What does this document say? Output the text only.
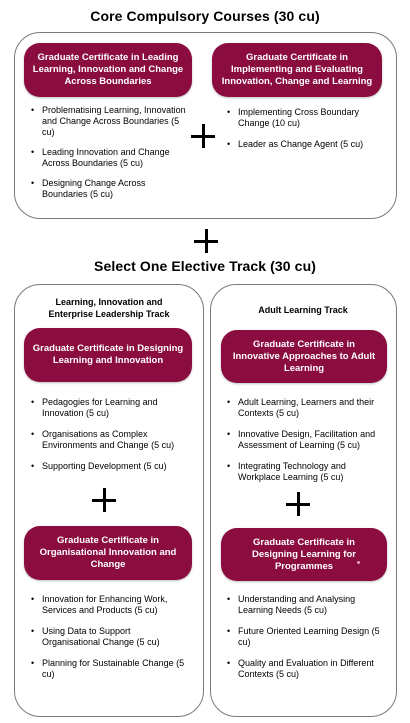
Core Compulsory Courses (30 cu)
Graduate Certificate in Leading Learning, Innovation and Change Across Boundaries
Graduate Certificate in Implementing and Evaluating Innovation, Change and Learning
• Problematising Learning, Innovation and Change Across Boundaries (5 cu)
• Leading Innovation and Change Across Boundaries (5 cu)
• Designing Change Across Boundaries (5 cu)
• Implementing Cross Boundary Change (10 cu)
• Leader as Change Agent (5 cu)
Select One Elective Track (30 cu)
Learning, Innovation and Enterprise Leadership Track
Graduate Certificate in Designing Learning and Innovation
• Pedagogies for Learning and Innovation (5 cu)
• Organisations as Complex Environments and Change (5 cu)
• Supporting Development (5 cu)
Graduate Certificate in Organisational Innovation and Change
• Innovation for Enhancing Work, Services and Products (5 cu)
• Using Data to Support Organisational Change (5 cu)
• Planning for Sustainable Change (5 cu)
Adult Learning Track
Graduate Certificate in Innovative Approaches to Adult Learning
• Adult Learning, Learners and their Contexts (5 cu)
• Innovative Design, Facilitation and Assessment of Learning (5 cu)
• Integrating Technology and Workplace Learning (5 cu)
Graduate Certificate in Designing Learning for Programmes
• Understanding and Analysing Learning Needs (5 cu)
• Future Oriented Learning Design (5 cu)
• Quality and Evaluation in Different Contexts (5 cu)
